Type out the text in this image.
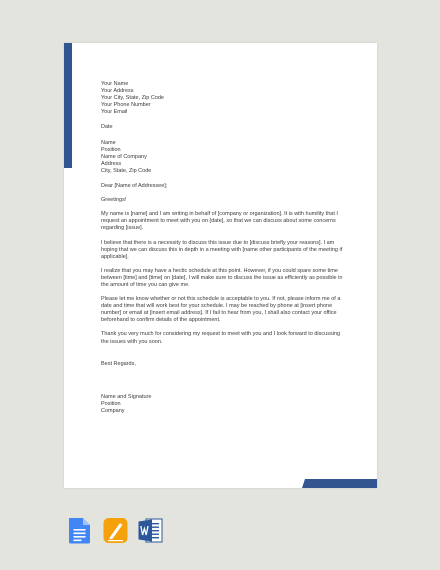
Your Name
Your Address
Your City, State, Zip Code
Your Phone Number
Your Email
Date
Name
Position
Name of Company
Address
City, State, Zip Code

Dear [Name of Addressee];

Greetings!

My name is [name] and I am writing in behalf of [company or organization]. It is with humility that I request an appointment to meet with you on [date], so that we can discuss about some concerns regarding [issue].

I believe that there is a necessity to discuss this issue due to [discuss briefly your reasons]. I am hoping that we can discuss this in depth in a meeting with [name other participants of the meeting if applicable].

I realize that you may have a hectic schedule at this point. However, if you could spare some time between [time] and [time] on [date], I will make sure to discuss the issue as efficiently as possible in the amount of time you can give me.

Please let me know whether or not this schedule is acceptable to you. If not, please inform me of a date and time that will work best for your schedule. I may be reached by phone at [insert phone number] or email at [insert email address]. If I fail to hear from you, I shall also contact your office beforehand to confirm details of the appointment.

Thank you very much for considering my request to meet with you and I look forward to discussing the issues with you soon.

Best Regards,
Name and Signature
Position
Company
